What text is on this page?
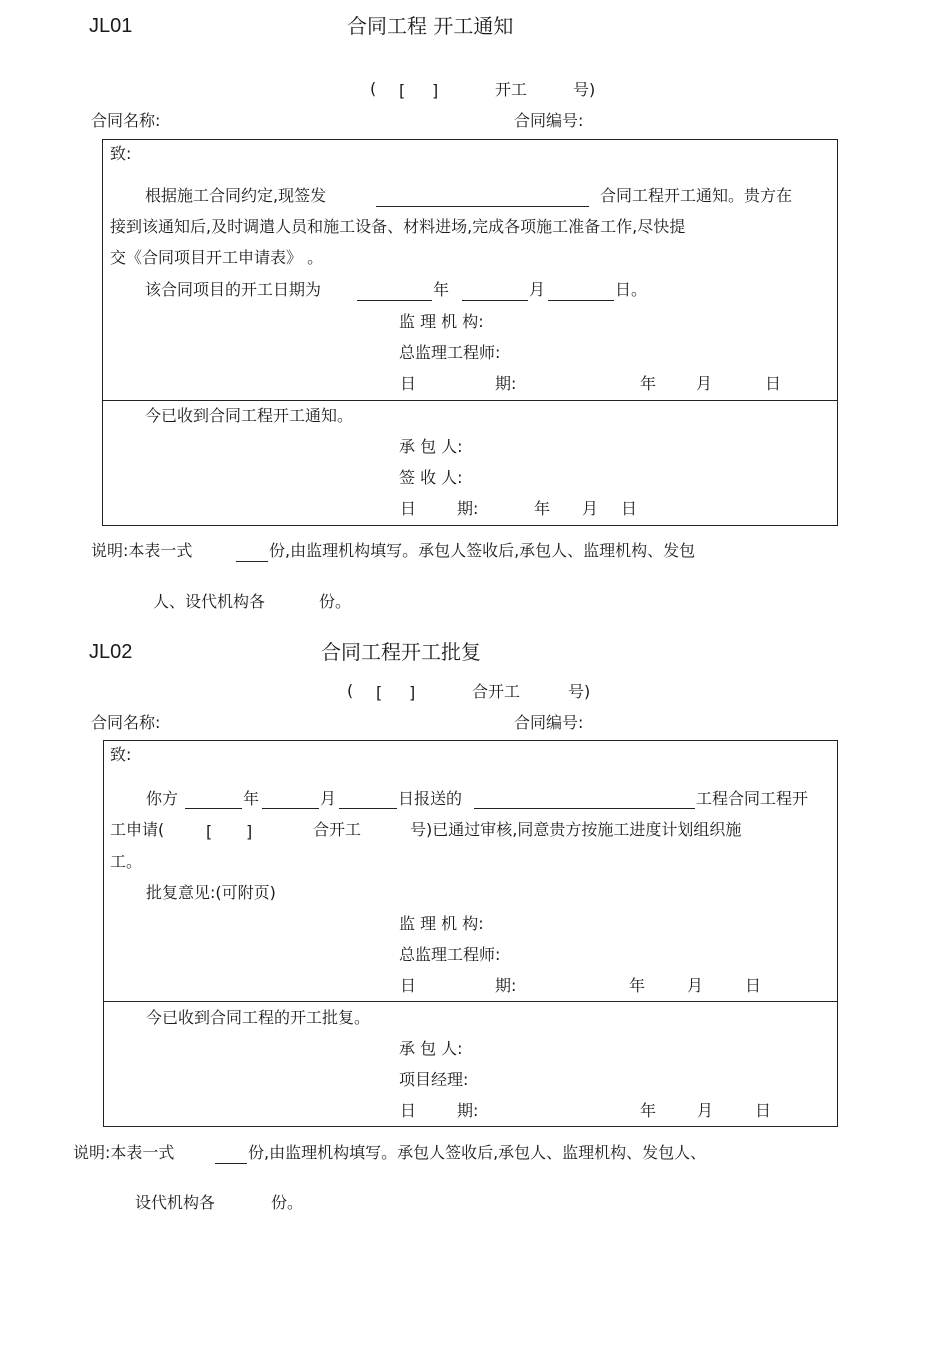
JL01	合同工程 开工通知
( [ ]	开工	号)
合同名称:	合同编号:
致:
根据施工合同约定,现签发	合同工程开工通知。贵方在
接到该通知后,及时调遣人员和施工设备、材料进场,完成各项施工准备工作,尽快提
交《合同项目开工申请表》 。
该合同项目的开工日期为	年	月	日。
监 理 机 构:
总监理工程师:
日	期:	年 月	日
今已收到合同工程开工通知。
承 包 人:
签 收 人:
日	期:	年 月 日
说明:本表一式	份,由监理机构填写。承包人签收后,承包人、监理机构、发包
人、设代机构各	份。
JL02	合同工程开工批复
( [ ]	合开工	号)
合同名称:	合同编号:
致:
你方	年	月	日报送的	工程合同工程开
工申请(	[ ]	合开工	号)已通过审核,同意贵方按施工进度计划组织施
工。
批复意见:(可附页)
监 理 机 构:
总监理工程师:
日	期:	年	月	日
今已收到合同工程的开工批复。
承 包 人:
项目经理:
日	期:	年	月	日
说明:本表一式	份,由监理机构填写。承包人签收后,承包人、监理机构、发包人、
设代机构各	份。
